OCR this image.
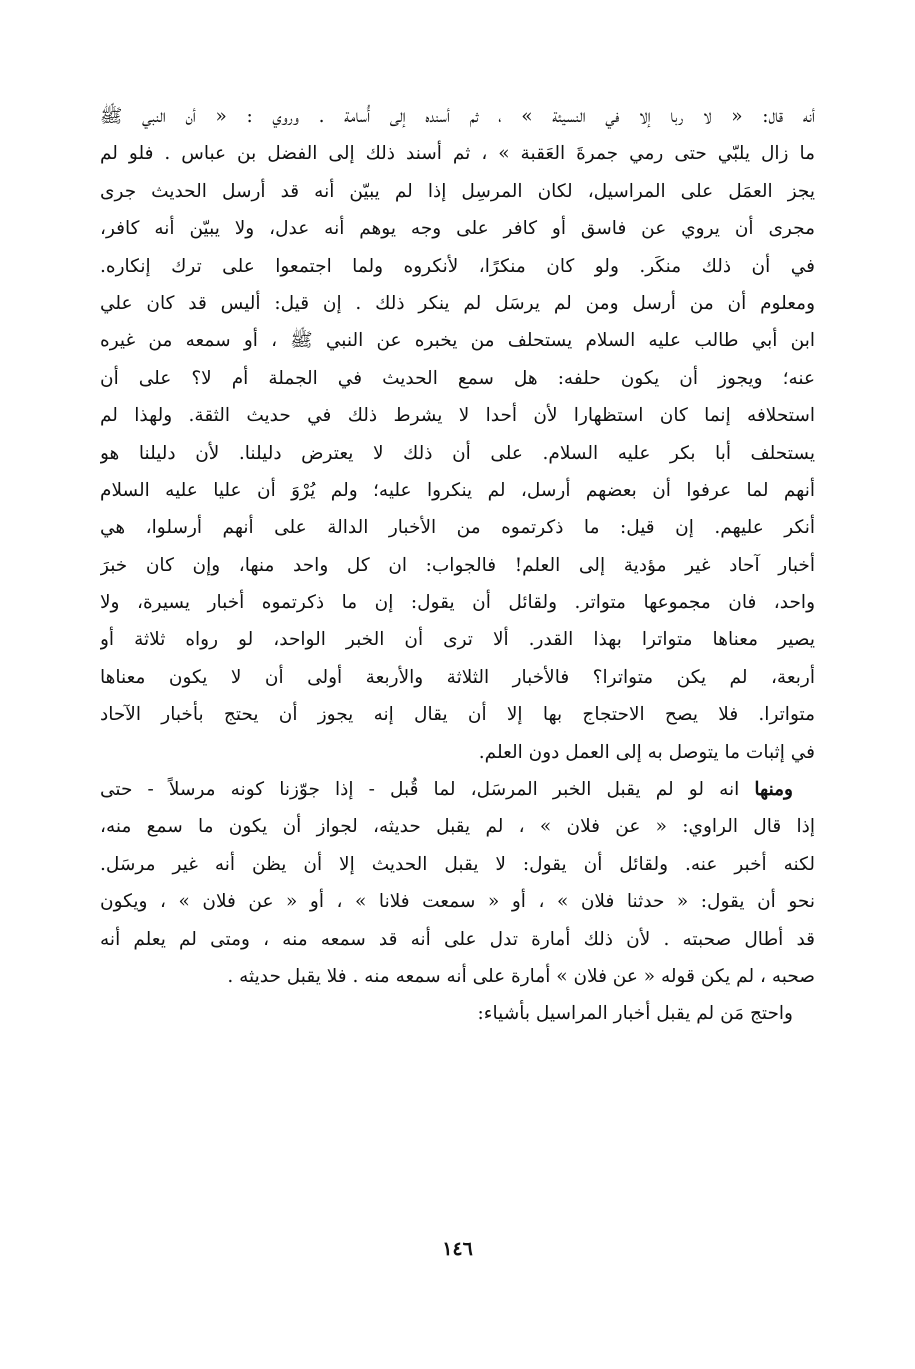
أنه قال: « لا ربا إلا في النسيئة » ، ثم أسنده إلى أُسامة . وروي : « أن النبي ﷺ
ما زال يلبّي حتى رمي جمرةَ العَقبة » ، ثم أسند ذلك إلى الفضل بن عباس . فلو لم
يجز العمَل على المراسيل، لكان المرسِل إذا لم يبيّن أنه قد أرسل الحديث جرى
مجرى أن يروي عن فاسق أو كافر على وجه يوهم أنه عدل، ولا يبيّن أنه كافر،
في أن ذلك منكَر. ولو كان منكرًا، لأنكروه ولما اجتمعوا على ترك إنكاره.
ومعلوم أن من أرسل ومن لم يرسَل لم ينكر ذلك . إن قيل: أليس قد كان علي
ابن أبي طالب عليه السلام يستحلف من يخبره عن النبي ﷺ ، أو سمعه من غيره
عنه؛ ويجوز أن يكون حلفه: هل سمع الحديث في الجملة أم لا؟ على أن
استحلافه إنما كان استظهارا لأن أحدا لا يشرط ذلك في حديث الثقة. ولهذا لم
يستحلف أبا بكر عليه السلام. على أن ذلك لا يعترض دليلنا. لأن دليلنا هو
أنهم لما عرفوا أن بعضهم أرسل، لم ينكروا عليه؛ ولم يُرْوَ أن عليا عليه السلام
أنكر عليهم. إن قيل: ما ذكرتموه من الأخبار الدالة على أنهم أرسلوا، هي
أخبار آحاد غير مؤدية إلى العلم! فالجواب: ان كل واحد منها، وإن كان خبرَ
واحد، فان مجموعها متواتر. ولقائل أن يقول: إن ما ذكرتموه أخبار يسيرة، ولا
يصير معناها متواترا بهذا القدر. ألا ترى أن الخبر الواحد، لو رواه ثلاثة أو
أربعة، لم يكن متواترا؟ فالأخبار الثلاثة والأربعة أولى أن لا يكون معناها
متواترا. فلا يصح الاحتجاج بها إلا أن يقال إنه يجوز أن يحتج بأخبار الآحاد
في إثبات ما يتوصل به إلى العمل دون العلم.
ومنها انه لو لم يقبل الخبر المرسَل، لما قُبل - إذا جوّزنا كونه مرسلاً - حتى
إذا قال الراوي: « عن فلان » ، لم يقبل حديثه، لجواز أن يكون ما سمع منه،
لكنه أخبر عنه. ولقائل أن يقول: لا يقبل الحديث إلا أن يظن أنه غير مرسَل.
نحو أن يقول: « حدثنا فلان » ، أو « سمعت فلانا » ، أو « عن فلان » ، ويكون
قد أطال صحبته . لأن ذلك أمارة تدل على أنه قد سمعه منه ، ومتى لم يعلم أنه
صحبه ، لم يكن قوله « عن فلان » أمارة على أنه سمعه منه . فلا يقبل حديثه .
واحتج مَن لم يقبل أخبار المراسيل بأشياء:
١٤٦
